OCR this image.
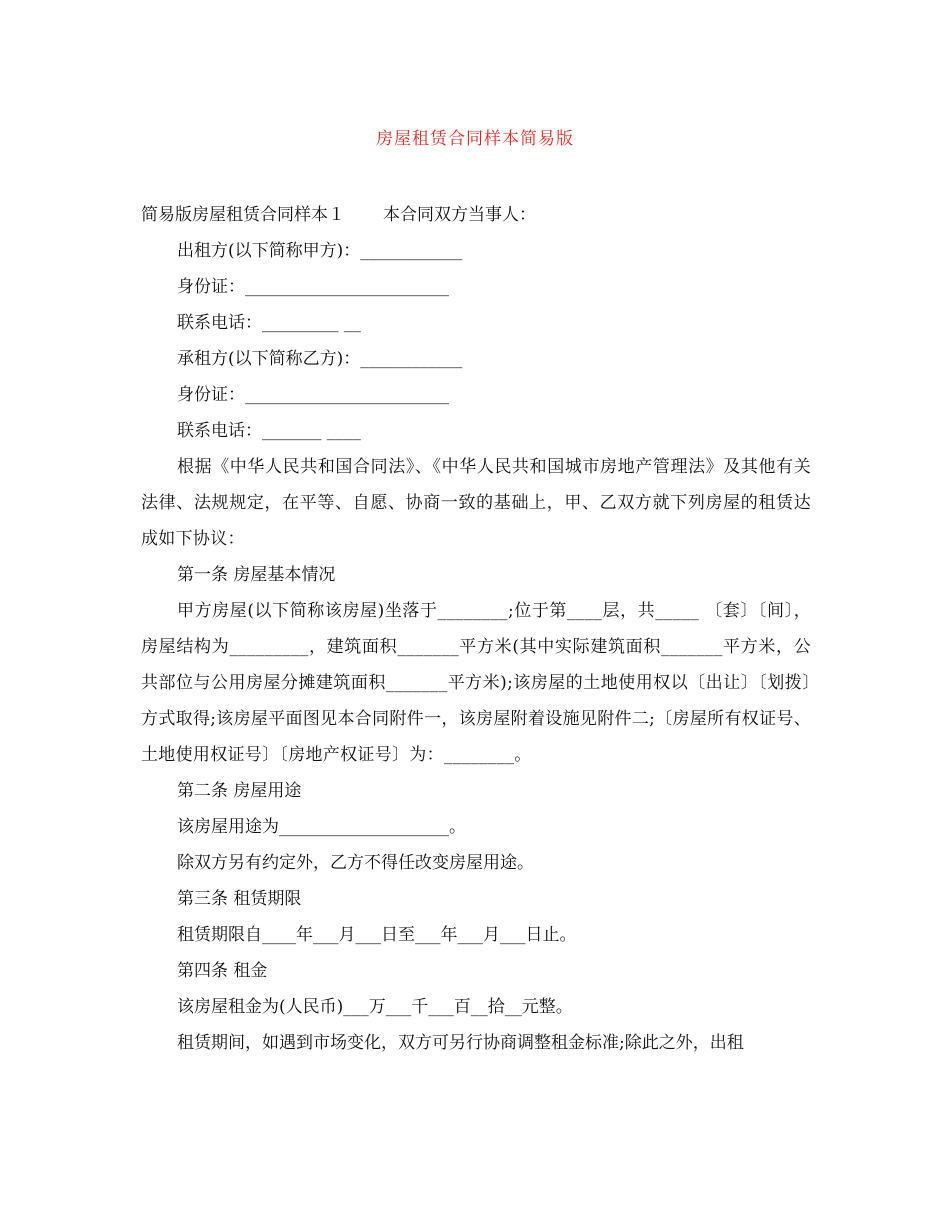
房屋租赁合同样本简易版
简易版房屋租赁合同样本１ 本合同双方当事人：
出租方(以下简称甲方)：____________
身份证：________________________
联系电话：_________ __
承租方(以下简称乙方)：____________
身份证：________________________
联系电话：_______ ____
根据《中华人民共和国合同法》、《中华人民共和国城市房地产管理法》及其他有关法律、法规规定，在平等、自愿、协商一致的基础上，甲、乙双方就下列房屋的租赁达成如下协议：
第一条 房屋基本情况
甲方房屋(以下简称该房屋)坐落于________;位于第____层，共_____ 〔套〕〔间〕，房屋结构为_________，建筑面积_______平方米(其中实际建筑面积_______平方米，公共部位与公用房屋分摊建筑面积_______平方米);该房屋的土地使用权以〔出让〕〔划拨〕方式取得;该房屋平面图见本合同附件一，该房屋附着设施见附件二;〔房屋所有权证号、土地使用权证号〕〔房地产权证号〕为：________。
第二条 房屋用途
该房屋用途为____________________。
除双方另有约定外，乙方不得任改变房屋用途。
第三条 租赁期限
租赁期限自____年___月___日至___年___月___日止。
第四条 租金
该房屋租金为(人民币)___万___千___百__拾__元整。
租赁期间，如遇到市场变化，双方可另行协商调整租金标准;除此之外，出租
